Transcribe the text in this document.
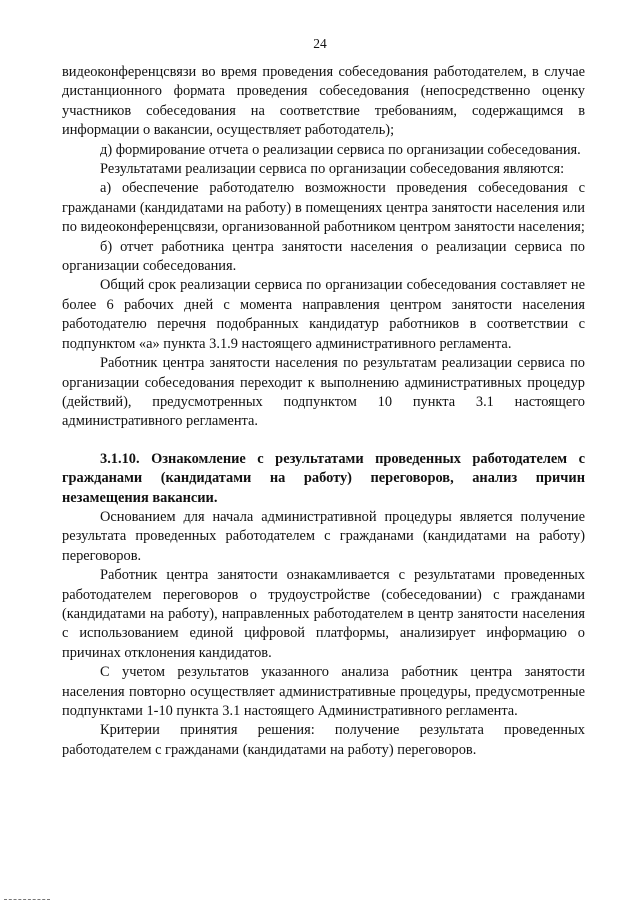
24

видеоконференцсвязи во время проведения собеседования работодателем, в случае дистанционного формата проведения собеседования (непосредственно оценку участников собеседования на соответствие требованиям, содержащимся в информации о вакансии, осуществляет работодатель);

д) формирование отчета о реализации сервиса по организации собеседования.

Результатами реализации сервиса по организации собеседования являются:

а) обеспечение работодателю возможности проведения собеседования с гражданами (кандидатами на работу) в помещениях центра занятости населения или по видеоконференцсвязи, организованной работником центром занятости населения;

б) отчет работника центра занятости населения о реализации сервиса по организации собеседования.

Общий срок реализации сервиса по организации собеседования составляет не более 6 рабочих дней с момента направления центром занятости населения работодателю перечня подобранных кандидатур работников в соответствии с подпунктом «а» пункта 3.1.9 настоящего административного регламента.

Работник центра занятости населения по результатам реализации сервиса по организации собеседования переходит к выполнению административных процедур (действий), предусмотренных подпунктом 10 пункта 3.1 настоящего административного регламента.

3.1.10. Ознакомление с результатами проведенных работодателем с гражданами (кандидатами на работу) переговоров, анализ причин незамещения вакансии.

Основанием для начала административной процедуры является получение результата проведенных работодателем с гражданами (кандидатами на работу) переговоров.

Работник центра занятости ознакамливается с результатами проведенных работодателем переговоров о трудоустройстве (собеседовании) с гражданами (кандидатами на работу), направленных работодателем в центр занятости населения с использованием единой цифровой платформы, анализирует информацию о причинах отклонения кандидатов.

С учетом результатов указанного анализа работник центра занятости населения повторно осуществляет административные процедуры, предусмотренные подпунктами 1-10 пункта 3.1 настоящего Административного регламента.

Критерии принятия решения: получение результата проведенных работодателем с гражданами (кандидатами на работу) переговоров.
